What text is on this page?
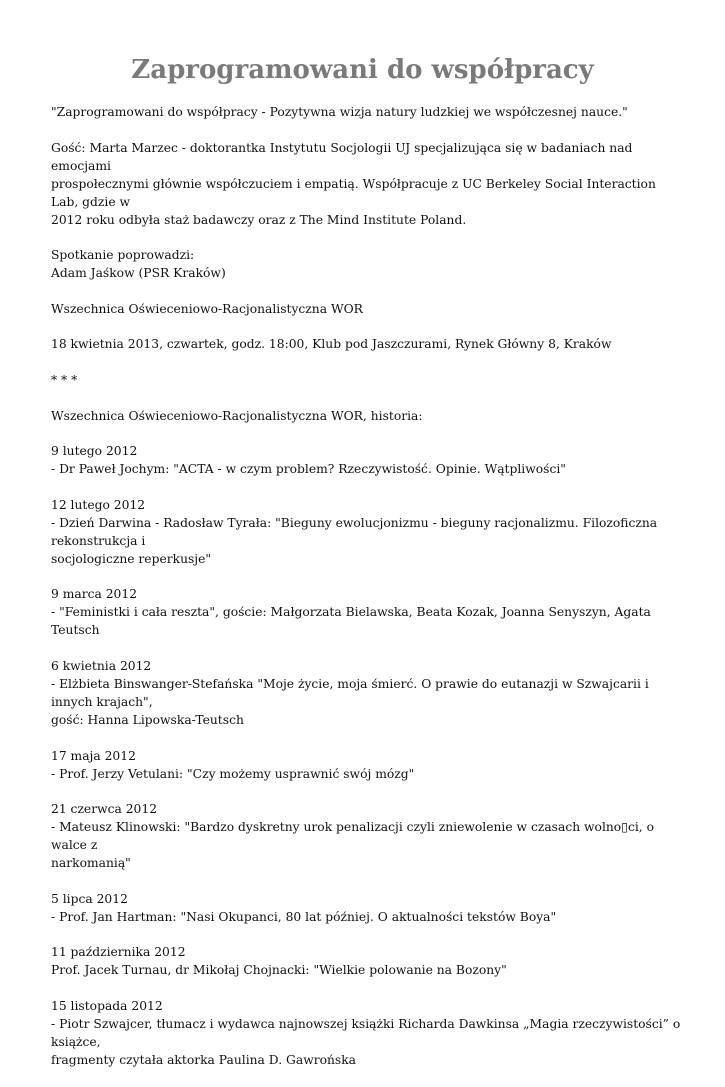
Zaprogramowani do współpracy

"Zaprogramowani do współpracy - Pozytywna wizja natury ludzkiej we współczesnej nauce."

Gość: Marta Marzec - doktorantka Instytutu Socjologii UJ specjalizująca się w badaniach nad emocjami
prospołecznymi głównie współczuciem i empatią. Współpracuje z UC Berkeley Social Interaction Lab, gdzie w
2012 roku odbyła staż badawczy oraz z The Mind Institute Poland.

Spotkanie poprowadzi:
Adam Jaśkow (PSR Kraków)

Wszechnica Oświeceniowo-Racjonalistyczna WOR

18 kwietnia 2013, czwartek, godz. 18:00, Klub pod Jaszczurami, Rynek Główny 8, Kraków

* * *

Wszechnica Oświeceniowo-Racjonalistyczna WOR, historia:

9 lutego 2012
- Dr Paweł Jochym: "ACTA - w czym problem? Rzeczywistość. Opinie. Wątpliwości"

12 lutego 2012
- Dzień Darwina - Radosław Tyrała: "Bieguny ewolucjonizmu - bieguny racjonalizmu. Filozoficzna rekonstrukcja i
socjologiczne reperkusje"

9 marca 2012
- "Feministki i cała reszta", goście: Małgorzata Bielawska, Beata Kozak, Joanna Senyszyn, Agata Teutsch

6 kwietnia 2012
- Elżbieta Binswanger-Stefańska "Moje życie, moja śmierć. O prawie do eutanazji w Szwajcarii i innych krajach",
gość: Hanna Lipowska-Teutsch

17 maja 2012
- Prof. Jerzy Vetulani: "Czy możemy usprawnić swój mózg"

21 czerwca 2012
- Mateusz Klinowski: "Bardzo dyskretny urok penalizacji czyli zniewolenie w czasach wolno▯ci, o walce z
narkomanią"

5 lipca 2012
- Prof. Jan Hartman: "Nasi Okupanci, 80 lat później. O aktualności tekstów Boya"

11 października 2012
Prof. Jacek Turnau, dr Mikołaj Chojnacki: "Wielkie polowanie na Bozony"

15 listopada 2012
- Piotr Szwajcer, tłumacz i wydawca najnowszej książki Richarda Dawkinsa „Magia rzeczywistości” o książce,
fragmenty czytała aktorka Paulina D. Gawrońska
